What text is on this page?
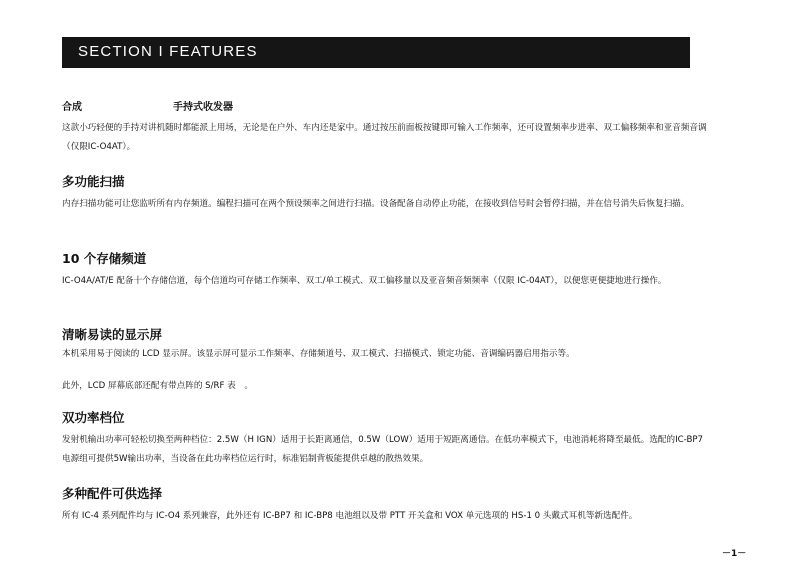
SECTION I FEATURES
合成	手持式收发器

这款小巧轻便的手持对讲机随时都能派上用场，无论是在户外、车内还是家中。通过按压前面板按键即可输入工作频率，还可设置频率步进率、双工偏移频率和亚音频音调（仅限IC-O4AT）。

多功能扫描

内存扫描功能可让您监听所有内存频道。编程扫描可在两个预设频率之间进行扫描。设备配备自动停止功能，在接收到信号时会暂停扫描，并在信号消失后恢复扫描。

10 个存储频道

IC-O4A/AT/E 配备十个存储信道，每个信道均可存储工作频率、双工/单工模式、双工偏移量以及亚音频音频频率（仅限 IC-04AT），以便您更便捷地进行操作。

清晰易读的显示屏

本机采用易于阅读的 LCD 显示屏。该显示屏可显示工作频率、存储频道号、双工模式、扫描模式、锁定功能、音调编码器启用指示等。

此外，LCD 屏幕底部还配有带点阵的 S/RF 表　。

双功率档位

发射机输出功率可轻松切换至两种档位：2.5W（H IGN）适用于长距离通信，0.5W（LOW）适用于短距离通信。在低功率模式下，电池消耗将降至最低。选配的IC-BP7电源组可提供5W输出功率，当设备在此功率档位运行时，标准铝制背板能提供卓越的散热效果。

多种配件可供选择

所有 IC-4 系列配件均与 IC-O4 系列兼容，此外还有 IC-BP7 和 IC-BP8 电池组以及带 PTT 开关盒和 VOX 单元选项的 HS-1 0 头戴式耳机等新选配件。

－1－
